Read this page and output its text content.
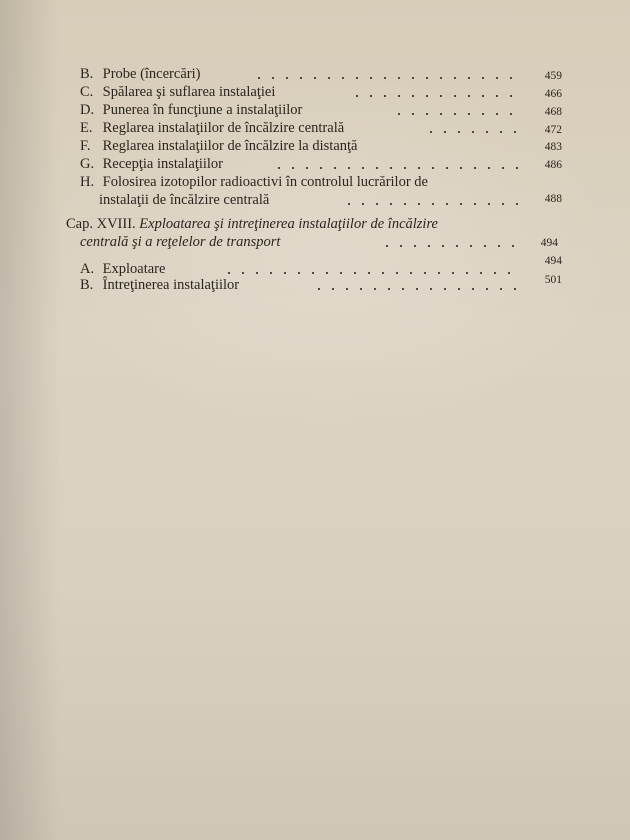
B. Probe (încercări)	459
C. Spălarea şi suflarea instalaţiei	466
D. Punerea în funcţiune a instalaţiilor	468
E. Reglarea instalaţiilor de încălzire centrală	472
F. Reglarea instalaţiilor de încălzire la distanţă	483
G. Recepţia instalaţiilor	486
H. Folosirea izotopilor radioactivi în controlul lucrărilor de
instalaţii de încălzire centrală	488
Cap. XVIII. Exploatarea şi intreţinerea instalaţiilor de încălzire
centrală şi a reţelelor de transport	494
A. Exploatare	494
B. Întreţinerea instalaţiilor	501
